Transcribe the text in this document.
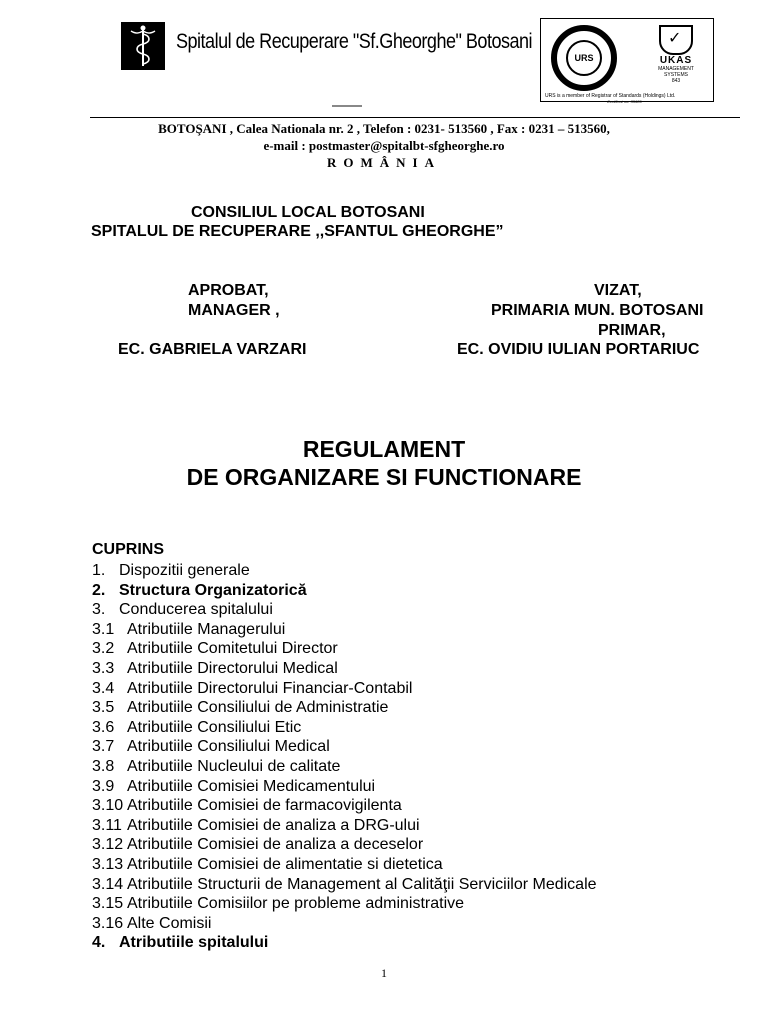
Spitalul de Recuperare "Sf.Gheorghe" Botosani
URS
✓	UKAS
MANAGEMENT SYSTEMS
843
URS is a member of Registrar of Standards (Holdings) Ltd.
Certificat no. 35689
BOTOŞANI , Calea Nationala nr. 2 , Telefon : 0231- 513560 , Fax : 0231 – 513560,
e-mail : postmaster@spitalbt-sfgheorghe.ro
ROMÂNIA
CONSILIUL LOCAL BOTOSANI
SPITALUL DE RECUPERARE ,,SFANTUL GHEORGHE”
APROBAT,
MANAGER ,
EC. GABRIELA VARZARI
VIZAT,
PRIMARIA MUN. BOTOSANI
PRIMAR,
EC. OVIDIU IULIAN PORTARIUC
REGULAMENT
DE ORGANIZARE SI FUNCTIONARE
CUPRINS
1. Dispozitii generale
2. Structura Organizatorică
3. Conducerea spitalului
3.1 Atributiile Managerului
3.2 Atributiile Comitetului Director
3.3 Atributiile Directorului Medical
3.4 Atributiile Directorului Financiar-Contabil
3.5 Atributiile Consiliului de Administratie
3.6 Atributiile Consiliului Etic
3.7 Atributiile Consiliului Medical
3.8 Atributiile Nucleului de calitate
3.9 Atributiile Comisiei Medicamentului
3.10 Atributiile Comisiei de farmacovigilenta
3.11 Atributiile Comisiei de analiza a DRG-ului
3.12 Atributiile Comisiei de analiza a deceselor
3.13 Atributiile Comisiei de alimentatie si dietetica
3.14 Atributiile Structurii de Management al Calităţii Serviciilor Medicale
3.15 Atributiile Comisiilor pe probleme administrative
3.16 Alte Comisii
4. Atributiile spitalului
1
